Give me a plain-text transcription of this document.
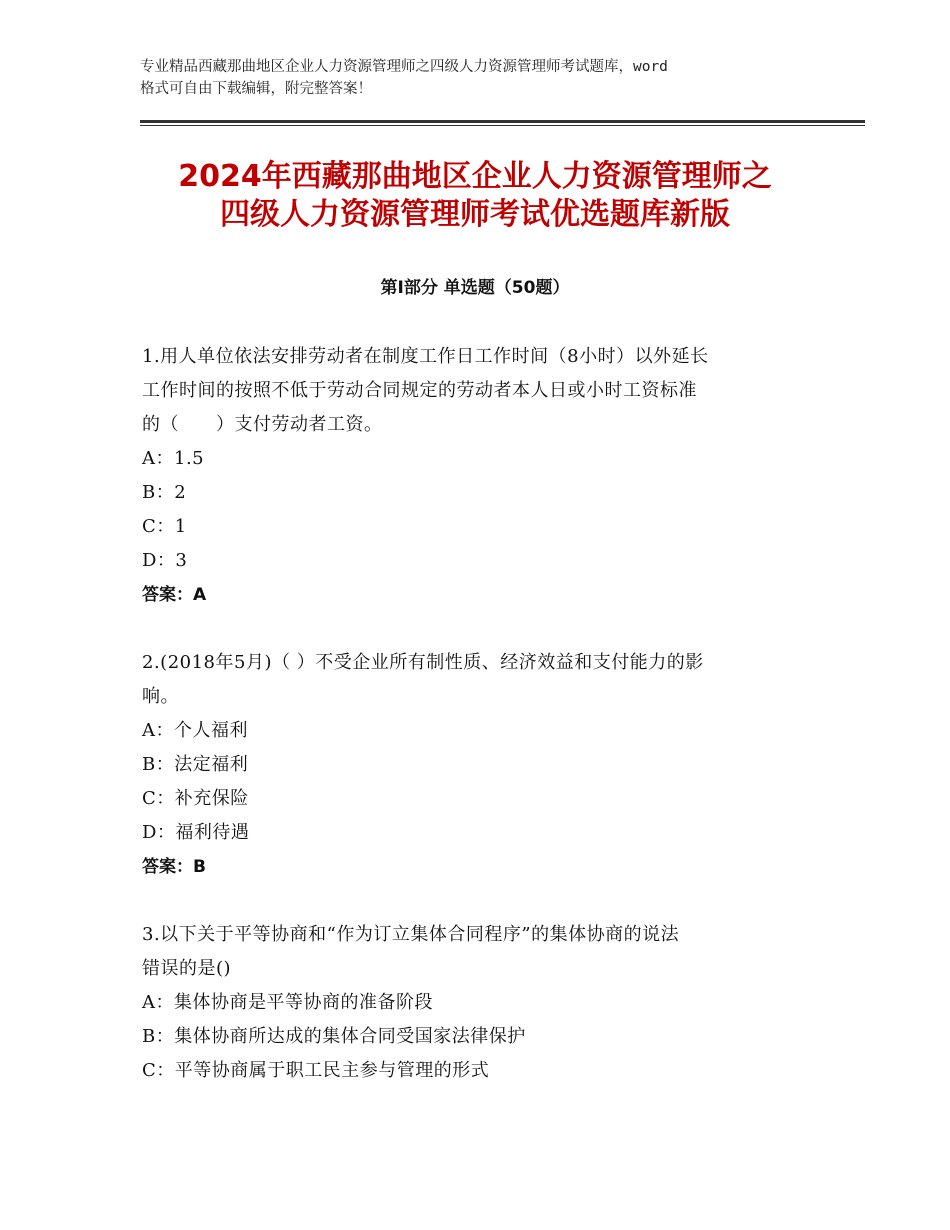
专业精品西藏那曲地区企业人力资源管理师之四级人力资源管理师考试题库，word
格式可自由下载编辑，附完整答案！
2024年西藏那曲地区企业人力资源管理师之
四级人力资源管理师考试优选题库新版
第Ⅰ部分 单选题（50题）
1.用人单位依法安排劳动者在制度工作日工作时间（8小时）以外延长
工作时间的按照不低于劳动合同规定的劳动者本人日或小时工资标准
的（　　）支付劳动者工资。
A：1.5
B：2
C：1
D：3
答案：A
2.(2018年5月)（ ）不受企业所有制性质、经济效益和支付能力的影
响。
A：个人福利
B：法定福利
C：补充保险
D：福利待遇
答案：B
3.以下关于平等协商和“作为订立集体合同程序”的集体协商的说法
错误的是()
A：集体协商是平等协商的准备阶段
B：集体协商所达成的集体合同受国家法律保护
C：平等协商属于职工民主参与管理的形式
